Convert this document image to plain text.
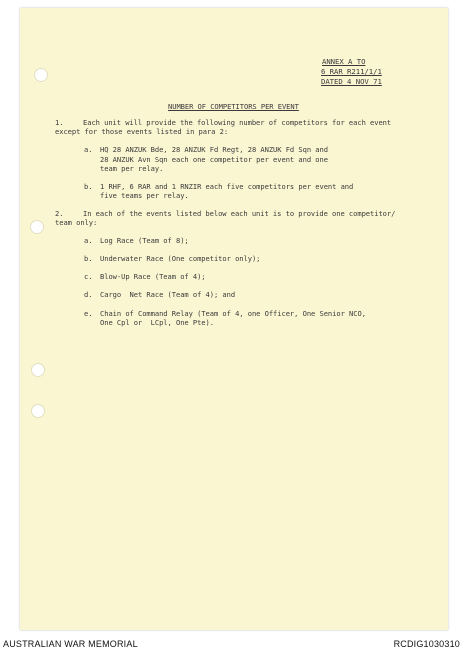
ANNEX A TO
6 RAR R211/1/1
DATED 4 NOV 71
NUMBER OF COMPETITORS PER EVENT
1.	Each unit will provide the following number of competitors for each event
except for those events listed in para 2:
a. HQ 28 ANZUK Bde, 28 ANZUK Fd Regt, 28 ANZUK Fd Sqn and
28 ANZUK Avn Sqn each one competitor per event and one
team per relay.
b. 1 RHF, 6 RAR and 1 RNZIR each five competitors per event and
five teams per relay.
2.	In each of the events listed below each unit is to provide one competitor/
team only:
a. Log Race (Team of 8);
b. Underwater Race (One competitor only);
c. Blow-Up Race (Team of 4);
d. Cargo  Net Race (Team of 4); and
e. Chain of Command Relay (Team of 4, one Officer, One Senior NCO,
One Cpl or  LCpl, One Pte).
AUSTRALIAN WAR MEMORIAL	RCDIG1030310
